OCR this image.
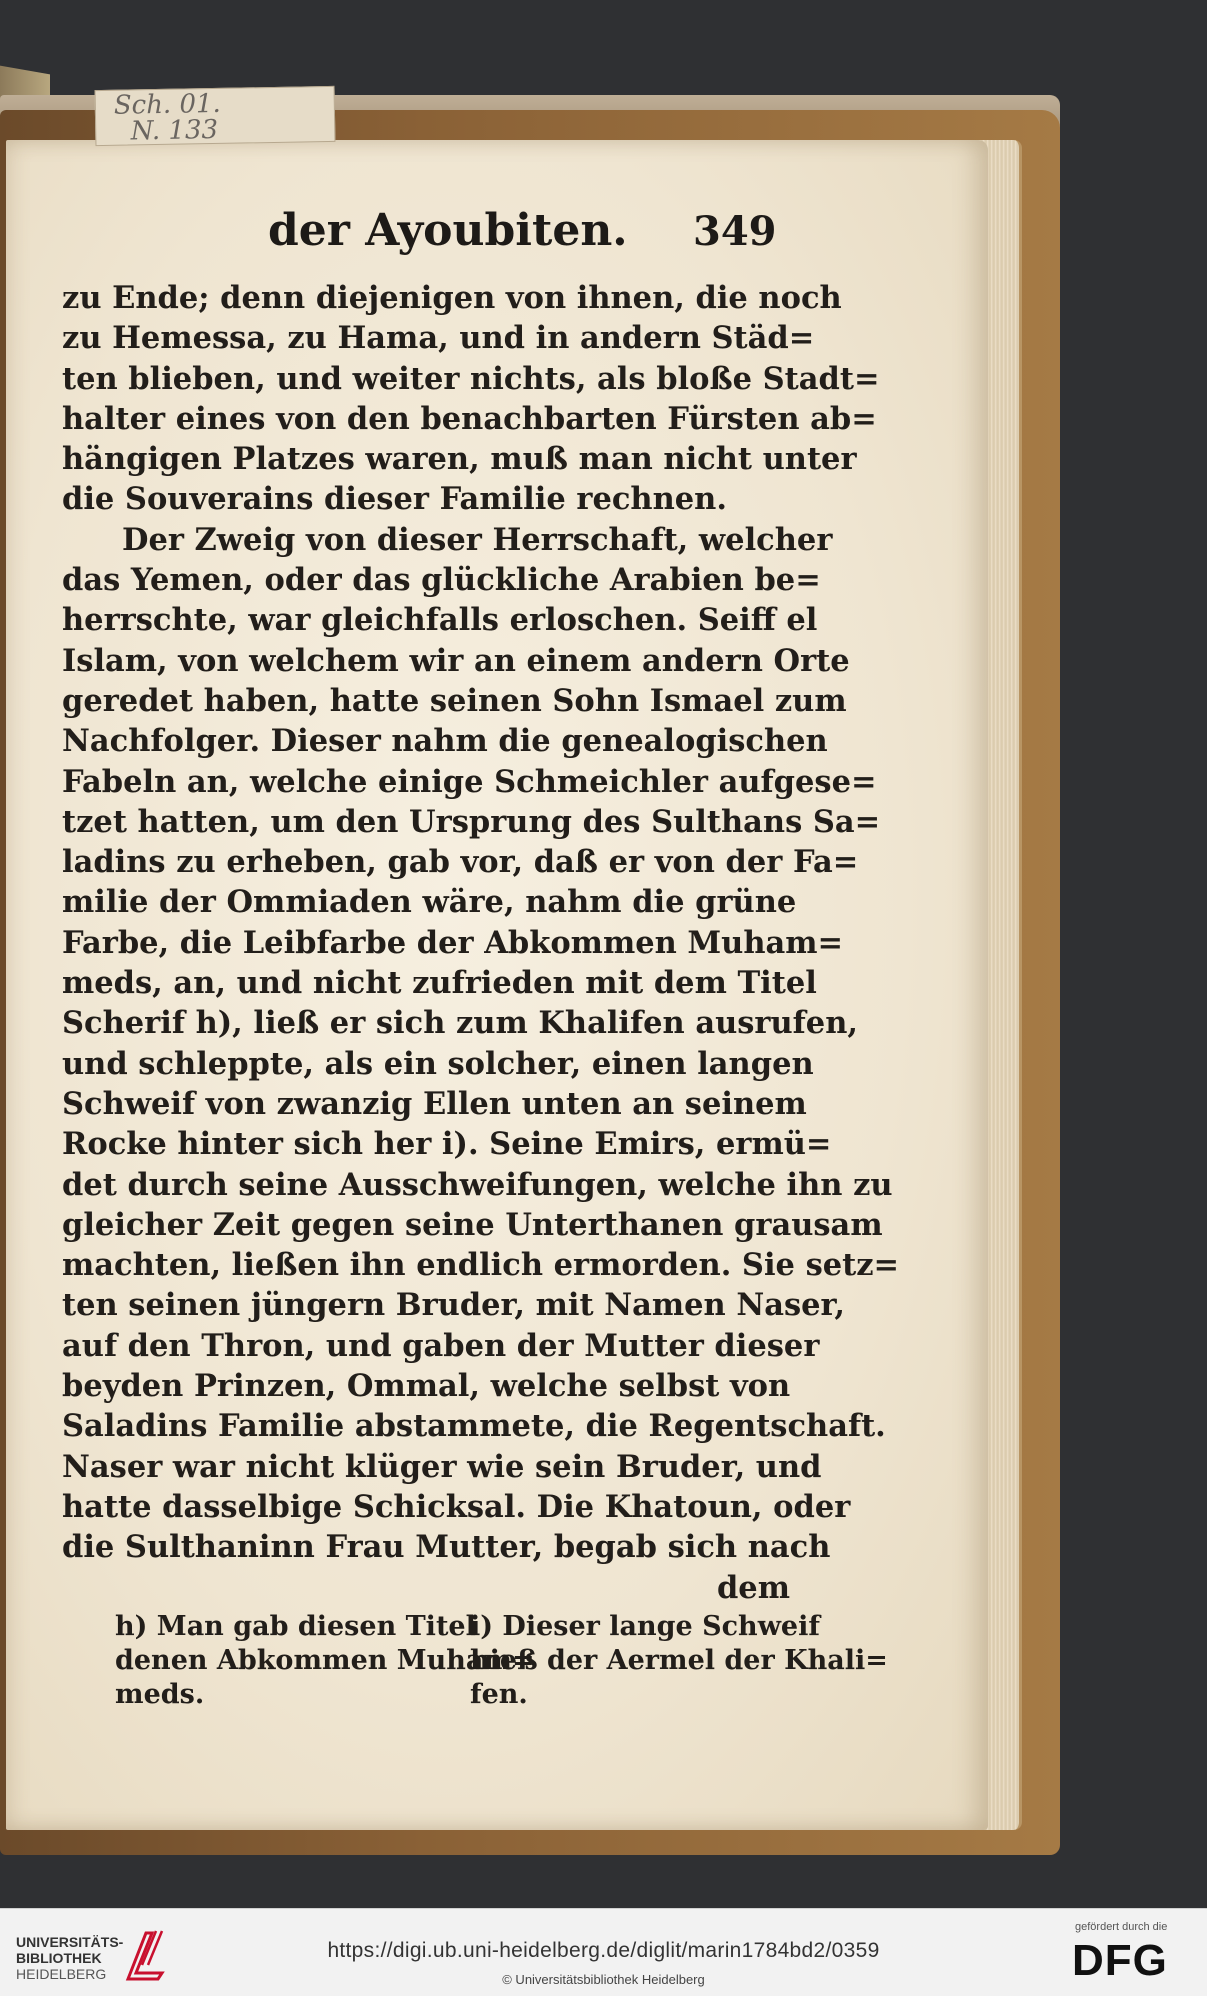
Sch. 01.
N. 133
der Ayoubiten.	349
zu Ende; denn diejenigen von ihnen, die noch
zu Hemessa, zu Hama, und in andern Städ=
ten blieben, und weiter nichts, als bloße Stadt=
halter eines von den benachbarten Fürsten ab=
hängigen Platzes waren, muß man nicht unter
die Souverains dieser Familie rechnen.
Der Zweig von dieser Herrschaft, welcher
das Yemen, oder das glückliche Arabien be=
herrschte, war gleichfalls erloschen. Seiff el
Islam, von welchem wir an einem andern Orte
geredet haben, hatte seinen Sohn Ismael zum
Nachfolger. Dieser nahm die genealogischen
Fabeln an, welche einige Schmeichler aufgese=
tzet hatten, um den Ursprung des Sulthans Sa=
ladins zu erheben, gab vor, daß er von der Fa=
milie der Ommiaden wäre, nahm die grüne
Farbe, die Leibfarbe der Abkommen Muham=
meds, an, und nicht zufrieden mit dem Titel
Scherif h), ließ er sich zum Khalifen ausrufen,
und schleppte, als ein solcher, einen langen
Schweif von zwanzig Ellen unten an seinem
Rocke hinter sich her i). Seine Emirs, ermü=
det durch seine Ausschweifungen, welche ihn zu
gleicher Zeit gegen seine Unterthanen grausam
machten, ließen ihn endlich ermorden. Sie setz=
ten seinen jüngern Bruder, mit Namen Naser,
auf den Thron, und gaben der Mutter dieser
beyden Prinzen, Ommal, welche selbst von
Saladins Familie abstammete, die Regentschaft.
Naser war nicht klüger wie sein Bruder, und
hatte dasselbige Schicksal. Die Khatoun, oder
die Sulthaninn Frau Mutter, begab sich nach
dem
h) Man gab diesen Titel
denen Abkommen Muham=
meds.
i) Dieser lange Schweif
hieß der Aermel der Khali=
fen.
UNIVERSITÄTS-
BIBLIOTHEK
HEIDELBERG
https://digi.ub.uni-heidelberg.de/diglit/marin1784bd2/0359
© Universitätsbibliothek Heidelberg
gefördert durch die
DFG
